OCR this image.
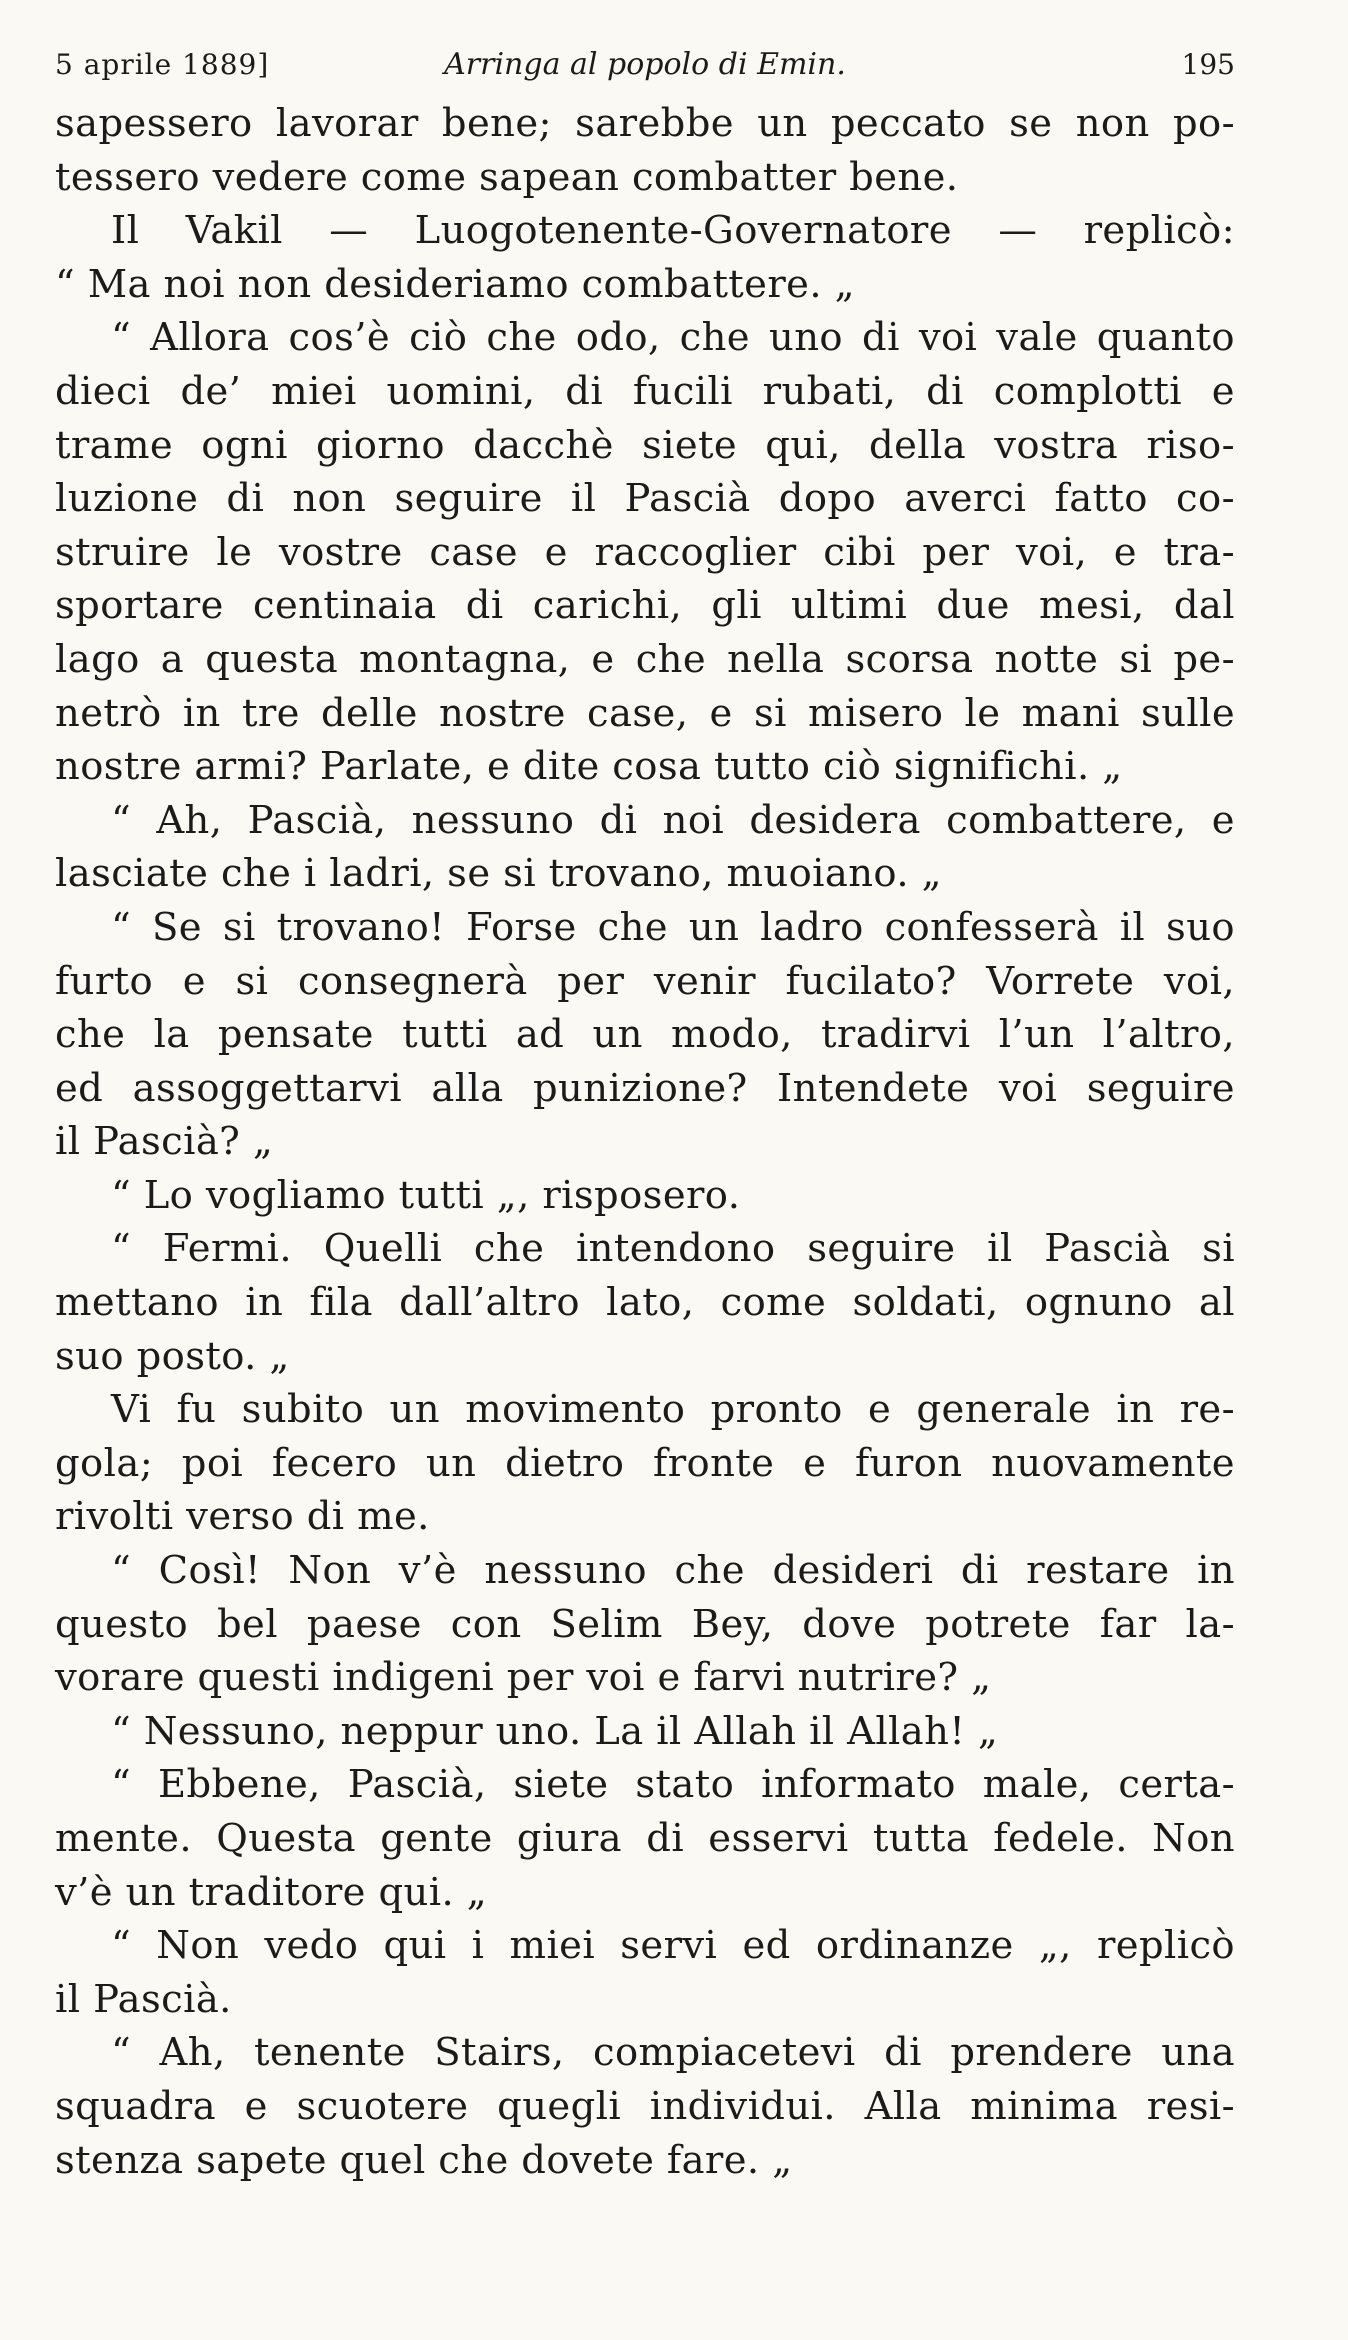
5 aprile 1889]	Arringa al popolo di Emin.	195
sapessero lavorar bene; sarebbe un peccato se non po-
tessero vedere come sapean combatter bene.
Il Vakil — Luogotenente-Governatore — replicò:
“ Ma noi non desideriamo combattere. „
“ Allora cos’è ciò che odo, che uno di voi vale quanto
dieci de’ miei uomini, di fucili rubati, di complotti e
trame ogni giorno dacchè siete qui, della vostra riso-
luzione di non seguire il Pascià dopo averci fatto co-
struire le vostre case e raccoglier cibi per voi, e tra-
sportare centinaia di carichi, gli ultimi due mesi, dal
lago a questa montagna, e che nella scorsa notte si pe-
netrò in tre delle nostre case, e si misero le mani sulle
nostre armi? Parlate, e dite cosa tutto ciò significhi. „
“ Ah, Pascià, nessuno di noi desidera combattere, e
lasciate che i ladri, se si trovano, muoiano. „
“ Se si trovano! Forse che un ladro confesserà il suo
furto e si consegnerà per venir fucilato? Vorrete voi,
che la pensate tutti ad un modo, tradirvi l’un l’altro,
ed assoggettarvi alla punizione? Intendete voi seguire
il Pascià? „
“ Lo vogliamo tutti „, risposero.
“ Fermi. Quelli che intendono seguire il Pascià si
mettano in fila dall’altro lato, come soldati, ognuno al
suo posto. „
Vi fu subito un movimento pronto e generale in re-
gola; poi fecero un dietro fronte e furon nuovamente
rivolti verso di me.
“ Così! Non v’è nessuno che desideri di restare in
questo bel paese con Selim Bey, dove potrete far la-
vorare questi indigeni per voi e farvi nutrire? „
“ Nessuno, neppur uno. La il Allah il Allah! „
“ Ebbene, Pascià, siete stato informato male, certa-
mente. Questa gente giura di esservi tutta fedele. Non
v’è un traditore qui. „
“ Non vedo qui i miei servi ed ordinanze „, replicò
il Pascià.
“ Ah, tenente Stairs, compiacetevi di prendere una
squadra e scuotere quegli individui. Alla minima resi-
stenza sapete quel che dovete fare. „
